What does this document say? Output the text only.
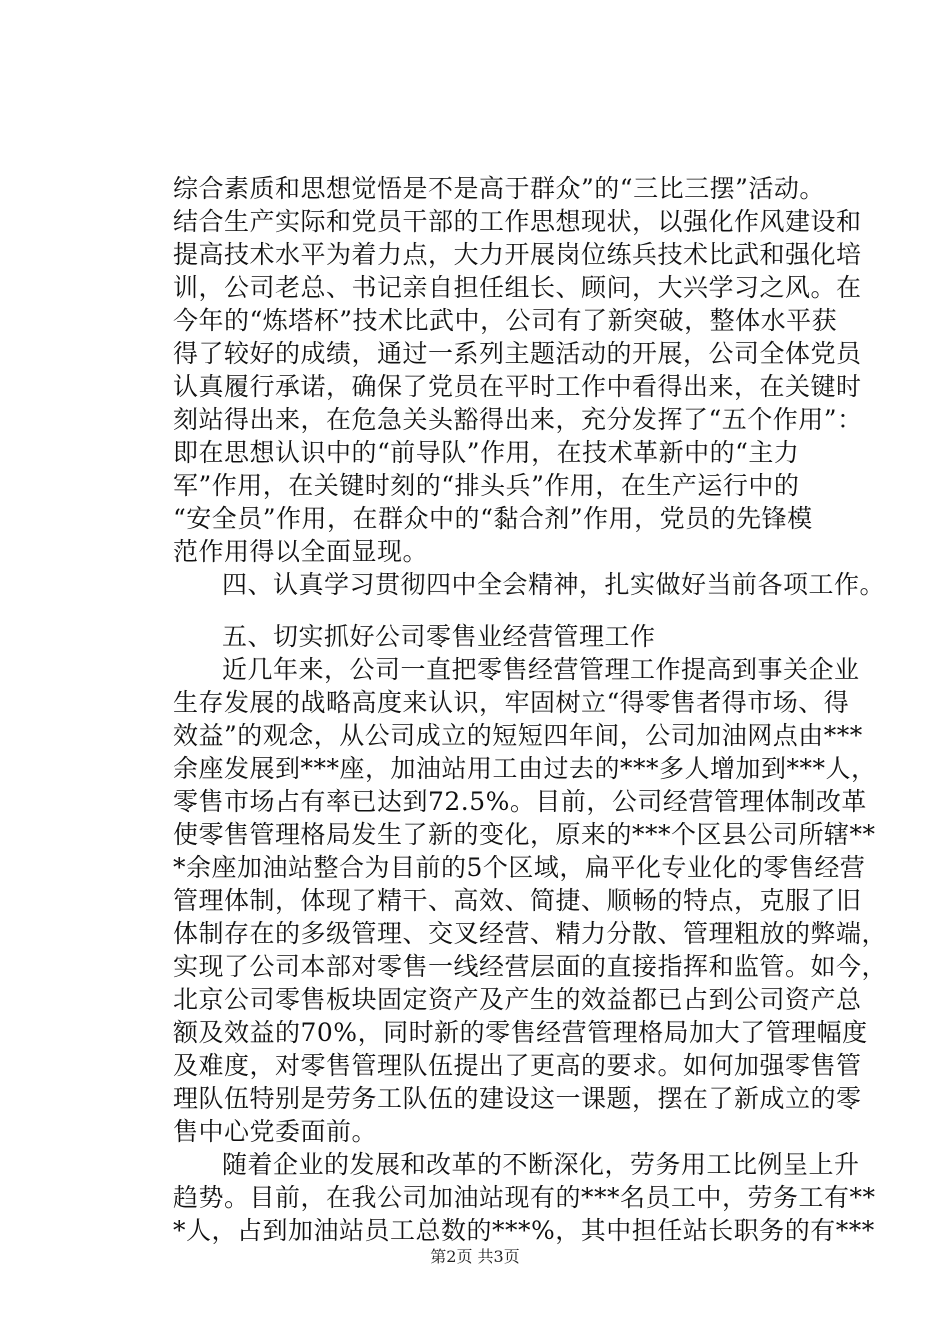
综合素质和思想觉悟是不是高于群众”的“三比三摆”活动。
结合生产实际和党员干部的工作思想现状，以强化作风建设和
提高技术水平为着力点，大力开展岗位练兵技术比武和强化培
训，公司老总、书记亲自担任组长、顾问，大兴学习之风。在
今年的“炼塔杯”技术比武中，公司有了新突破，整体水平获
得了较好的成绩，通过一系列主题活动的开展，公司全体党员
认真履行承诺，确保了党员在平时工作中看得出来，在关键时
刻站得出来，在危急关头豁得出来，充分发挥了“五个作用”：
即在思想认识中的“前导队”作用，在技术革新中的“主力
军”作用，在关键时刻的“排头兵”作用，在生产运行中的
“安全员”作用，在群众中的“黏合剂”作用，党员的先锋模
范作用得以全面显现。
四、认真学习贯彻四中全会精神，扎实做好当前各项工作。
五、切实抓好公司零售业经营管理工作
近几年来，公司一直把零售经营管理工作提高到事关企业
生存发展的战略高度来认识，牢固树立“得零售者得市场、得
效益”的观念，从公司成立的短短四年间，公司加油网点由***
余座发展到***座，加油站用工由过去的***多人增加到***人，
零售市场占有率已达到72.5%。目前，公司经营管理体制改革
使零售管理格局发生了新的变化，原来的***个区县公司所辖**
*余座加油站整合为目前的5个区域，扁平化专业化的零售经营
管理体制，体现了精干、高效、简捷、顺畅的特点，克服了旧
体制存在的多级管理、交叉经营、精力分散、管理粗放的弊端，
实现了公司本部对零售一线经营层面的直接指挥和监管。如今，
北京公司零售板块固定资产及产生的效益都已占到公司资产总
额及效益的70%，同时新的零售经营管理格局加大了管理幅度
及难度，对零售管理队伍提出了更高的要求。如何加强零售管
理队伍特别是劳务工队伍的建设这一课题，摆在了新成立的零
售中心党委面前。
随着企业的发展和改革的不断深化，劳务用工比例呈上升
趋势。目前，在我公司加油站现有的***名员工中，劳务工有**
*人，占到加油站员工总数的***%，其中担任站长职务的有***
第2页 共3页
